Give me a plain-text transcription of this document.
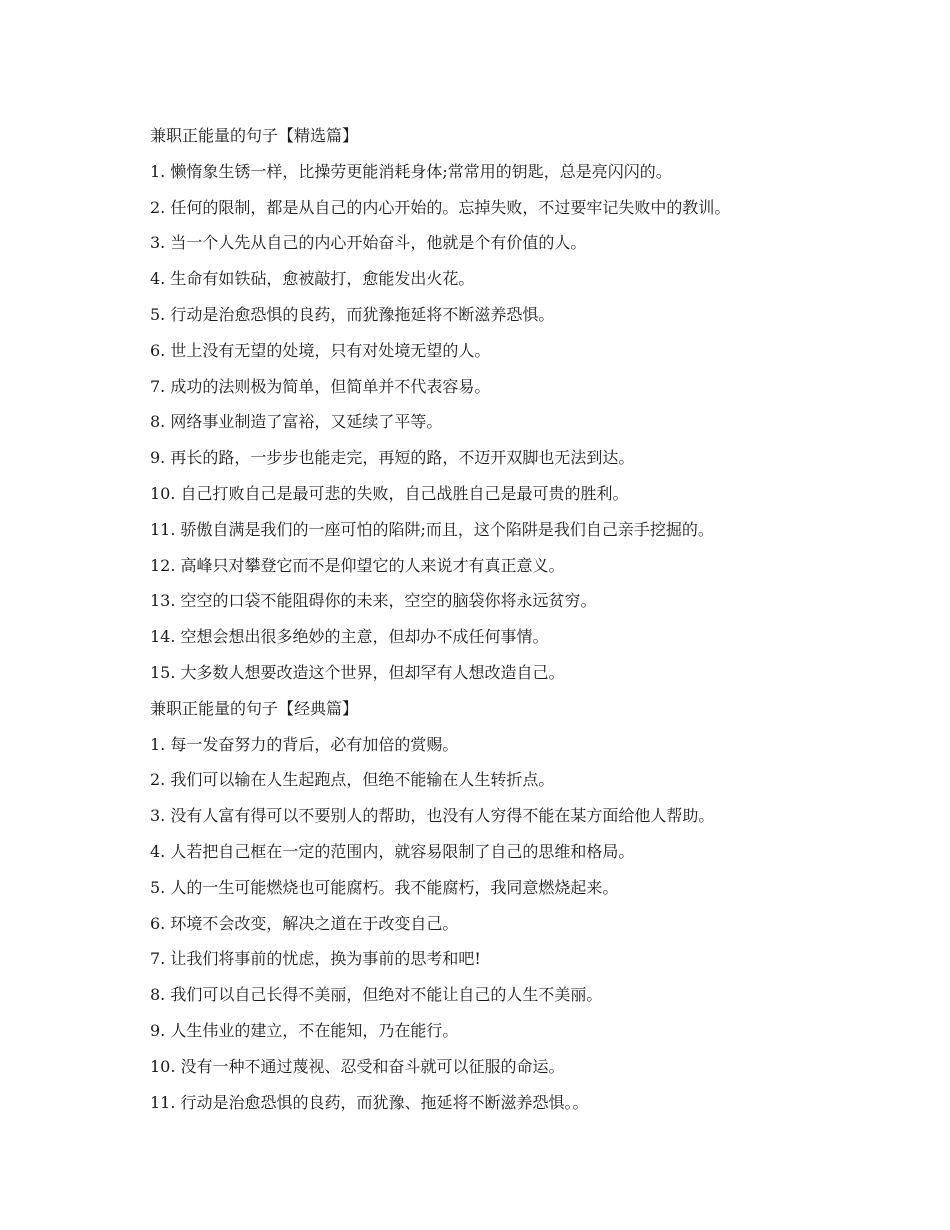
兼职正能量的句子【精选篇】
1. 懒惰象生锈一样，比操劳更能消耗身体;常常用的钥匙，总是亮闪闪的。
2. 任何的限制，都是从自己的内心开始的。忘掉失败，不过要牢记失败中的教训。
3. 当一个人先从自己的内心开始奋斗，他就是个有价值的人。
4. 生命有如铁砧，愈被敲打，愈能发出火花。
5. 行动是治愈恐惧的良药，而犹豫拖延将不断滋养恐惧。
6. 世上没有无望的处境，只有对处境无望的人。
7. 成功的法则极为简单，但简单并不代表容易。
8. 网络事业制造了富裕，又延续了平等。
9. 再长的路，一步步也能走完，再短的路，不迈开双脚也无法到达。
10. 自己打败自己是最可悲的失败，自己战胜自己是最可贵的胜利。
11. 骄傲自满是我们的一座可怕的陷阱;而且，这个陷阱是我们自己亲手挖掘的。
12. 高峰只对攀登它而不是仰望它的人来说才有真正意义。
13. 空空的口袋不能阻碍你的未来，空空的脑袋你将永远贫穷。
14. 空想会想出很多绝妙的主意，但却办不成任何事情。
15. 大多数人想要改造这个世界，但却罕有人想改造自己。
兼职正能量的句子【经典篇】
1. 每一发奋努力的背后，必有加倍的赏赐。
2. 我们可以输在人生起跑点，但绝不能输在人生转折点。
3. 没有人富有得可以不要别人的帮助，也没有人穷得不能在某方面给他人帮助。
4. 人若把自己框在一定的范围内，就容易限制了自己的思维和格局。
5. 人的一生可能燃烧也可能腐朽。我不能腐朽，我同意燃烧起来。
6. 环境不会改变，解决之道在于改变自己。
7. 让我们将事前的忧虑，换为事前的思考和吧!
8. 我们可以自己长得不美丽，但绝对不能让自己的人生不美丽。
9. 人生伟业的建立，不在能知，乃在能行。
10. 没有一种不通过蔑视、忍受和奋斗就可以征服的命运。
11. 行动是治愈恐惧的良药，而犹豫、拖延将不断滋养恐惧。。
